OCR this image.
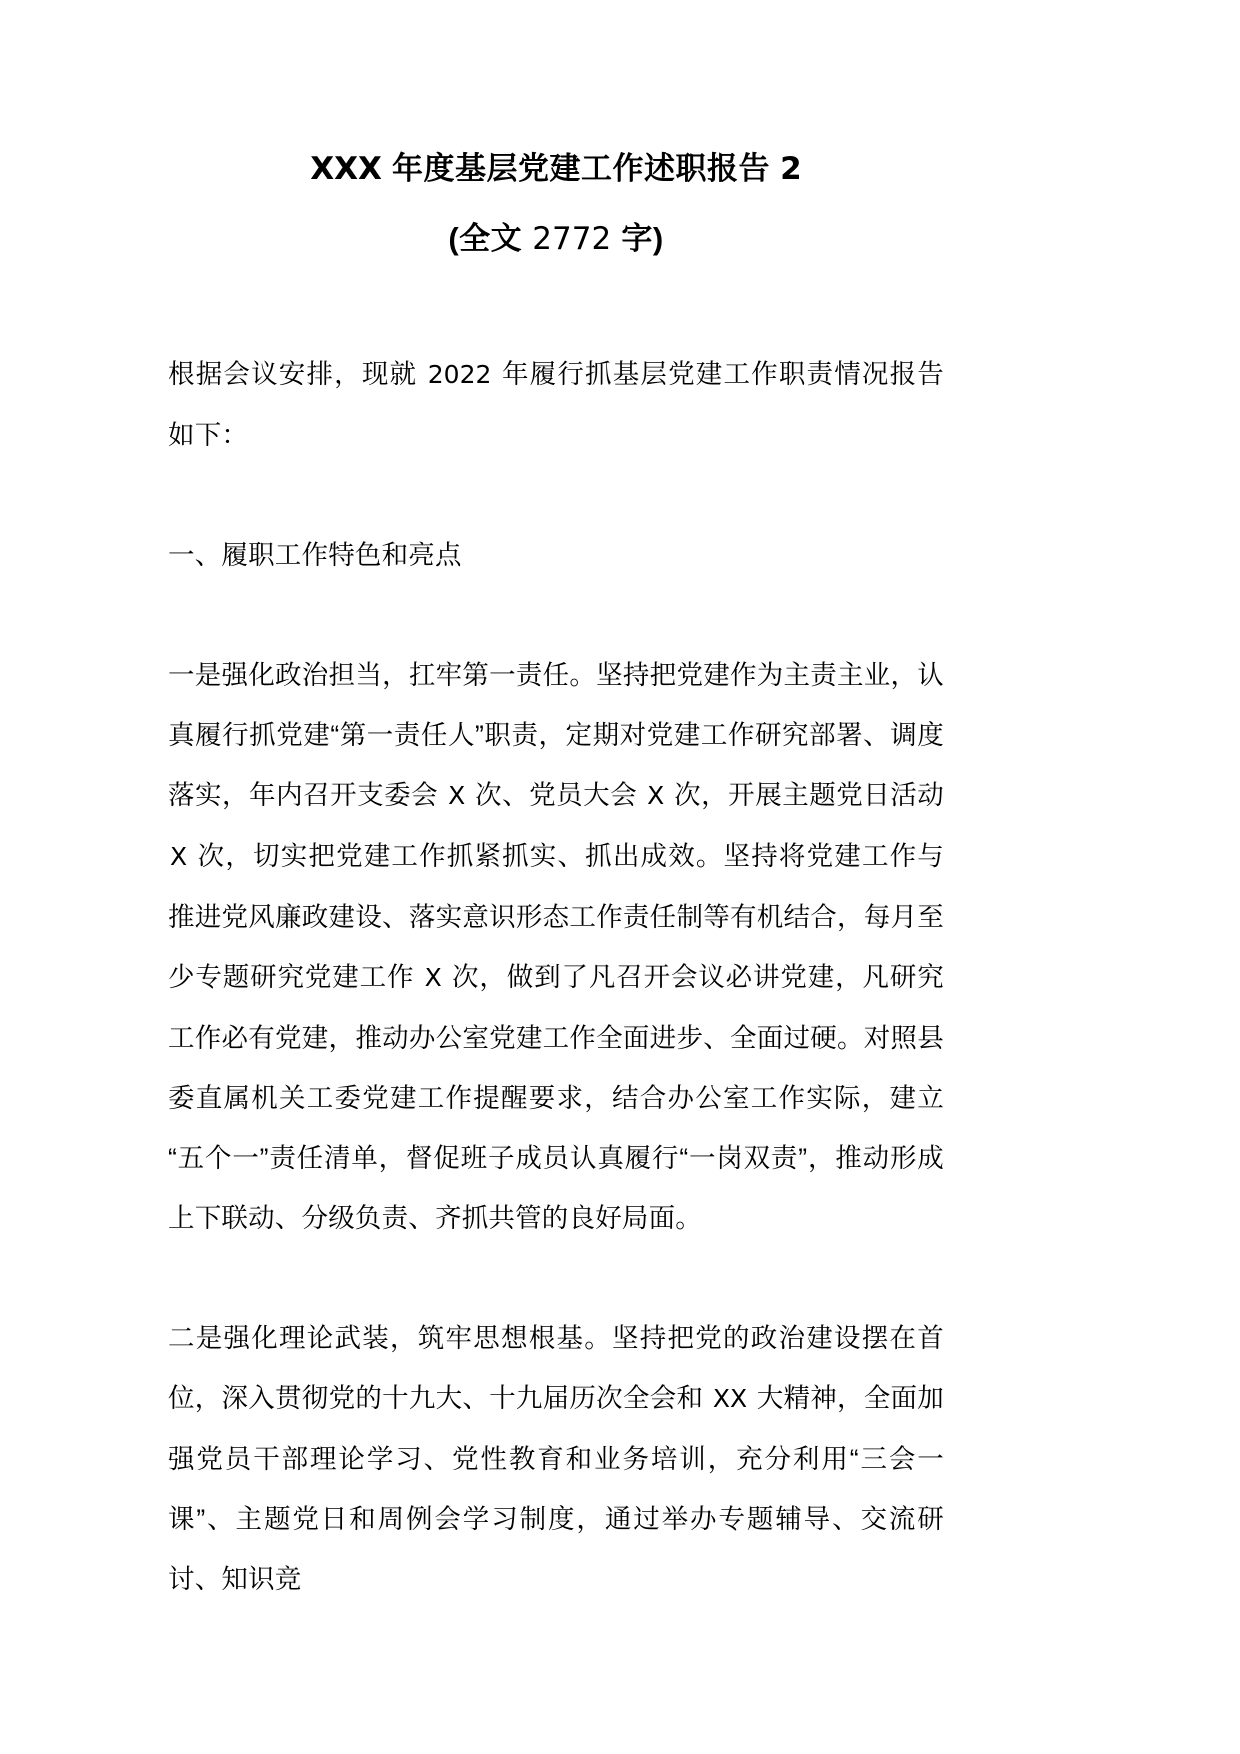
XXX 年度基层党建工作述职报告 2
(全文 2772 字)

根据会议安排，现就 2022 年履行抓基层党建工作职责情况报告如下：

一、履职工作特色和亮点

一是强化政治担当，扛牢第一责任。坚持把党建作为主责主业，认真履行抓党建“第一责任人”职责，定期对党建工作研究部署、调度落实，年内召开支委会 X 次、党员大会 X 次，开展主题党日活动 X 次，切实把党建工作抓紧抓实、抓出成效。坚持将党建工作与推进党风廉政建设、落实意识形态工作责任制等有机结合，每月至少专题研究党建工作 X 次，做到了凡召开会议必讲党建，凡研究工作必有党建，推动办公室党建工作全面进步、全面过硬。对照县委直属机关工委党建工作提醒要求，结合办公室工作实际，建立“五个一”责任清单，督促班子成员认真履行“一岗双责”，推动形成上下联动、分级负责、齐抓共管的良好局面。

二是强化理论武装，筑牢思想根基。坚持把党的政治建设摆在首位，深入贯彻党的十九大、十九届历次全会和 XX 大精神，全面加强党员干部理论学习、党性教育和业务培训，充分利用“三会一课”、主题党日和周例会学习制度，通过举办专题辅导、交流研讨、知识竞
